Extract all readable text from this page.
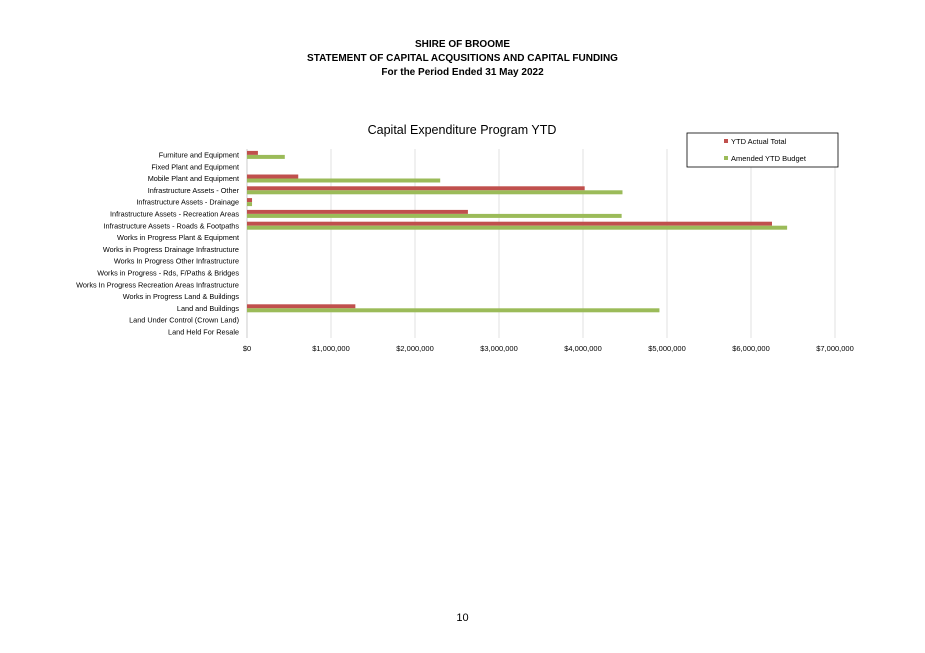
SHIRE OF BROOME
STATEMENT OF CAPITAL ACQUSITIONS AND CAPITAL FUNDING
For the Period Ended 31 May 2022
Capital Expenditure Program YTD
Furniture and Equipment
Fixed Plant and Equipment
Mobile Plant and Equipment
Infrastructure Assets - Other
Infrastructure Assets - Drainage
Infrastructure Assets - Recreation Areas
Infrastructure Assets - Roads & Footpaths
Works in Progress Plant & Equipment
Works in Progress Drainage Infrastructure
Works In Progress Other Infrastructure
Works in Progress - Rds, F/Paths & Bridges
Works In Progress Recreation Areas Infrastructure
Works in Progress Land & Buildings
Land and Buildings
Land Under Control (Crown Land)
Land Held For Resale
$0	$1,000,000	$2,000,000	$3,000,000	$4,000,000	$5,000,000	$6,000,000	$7,000,000
YTD Actual Total
Amended YTD Budget
10
